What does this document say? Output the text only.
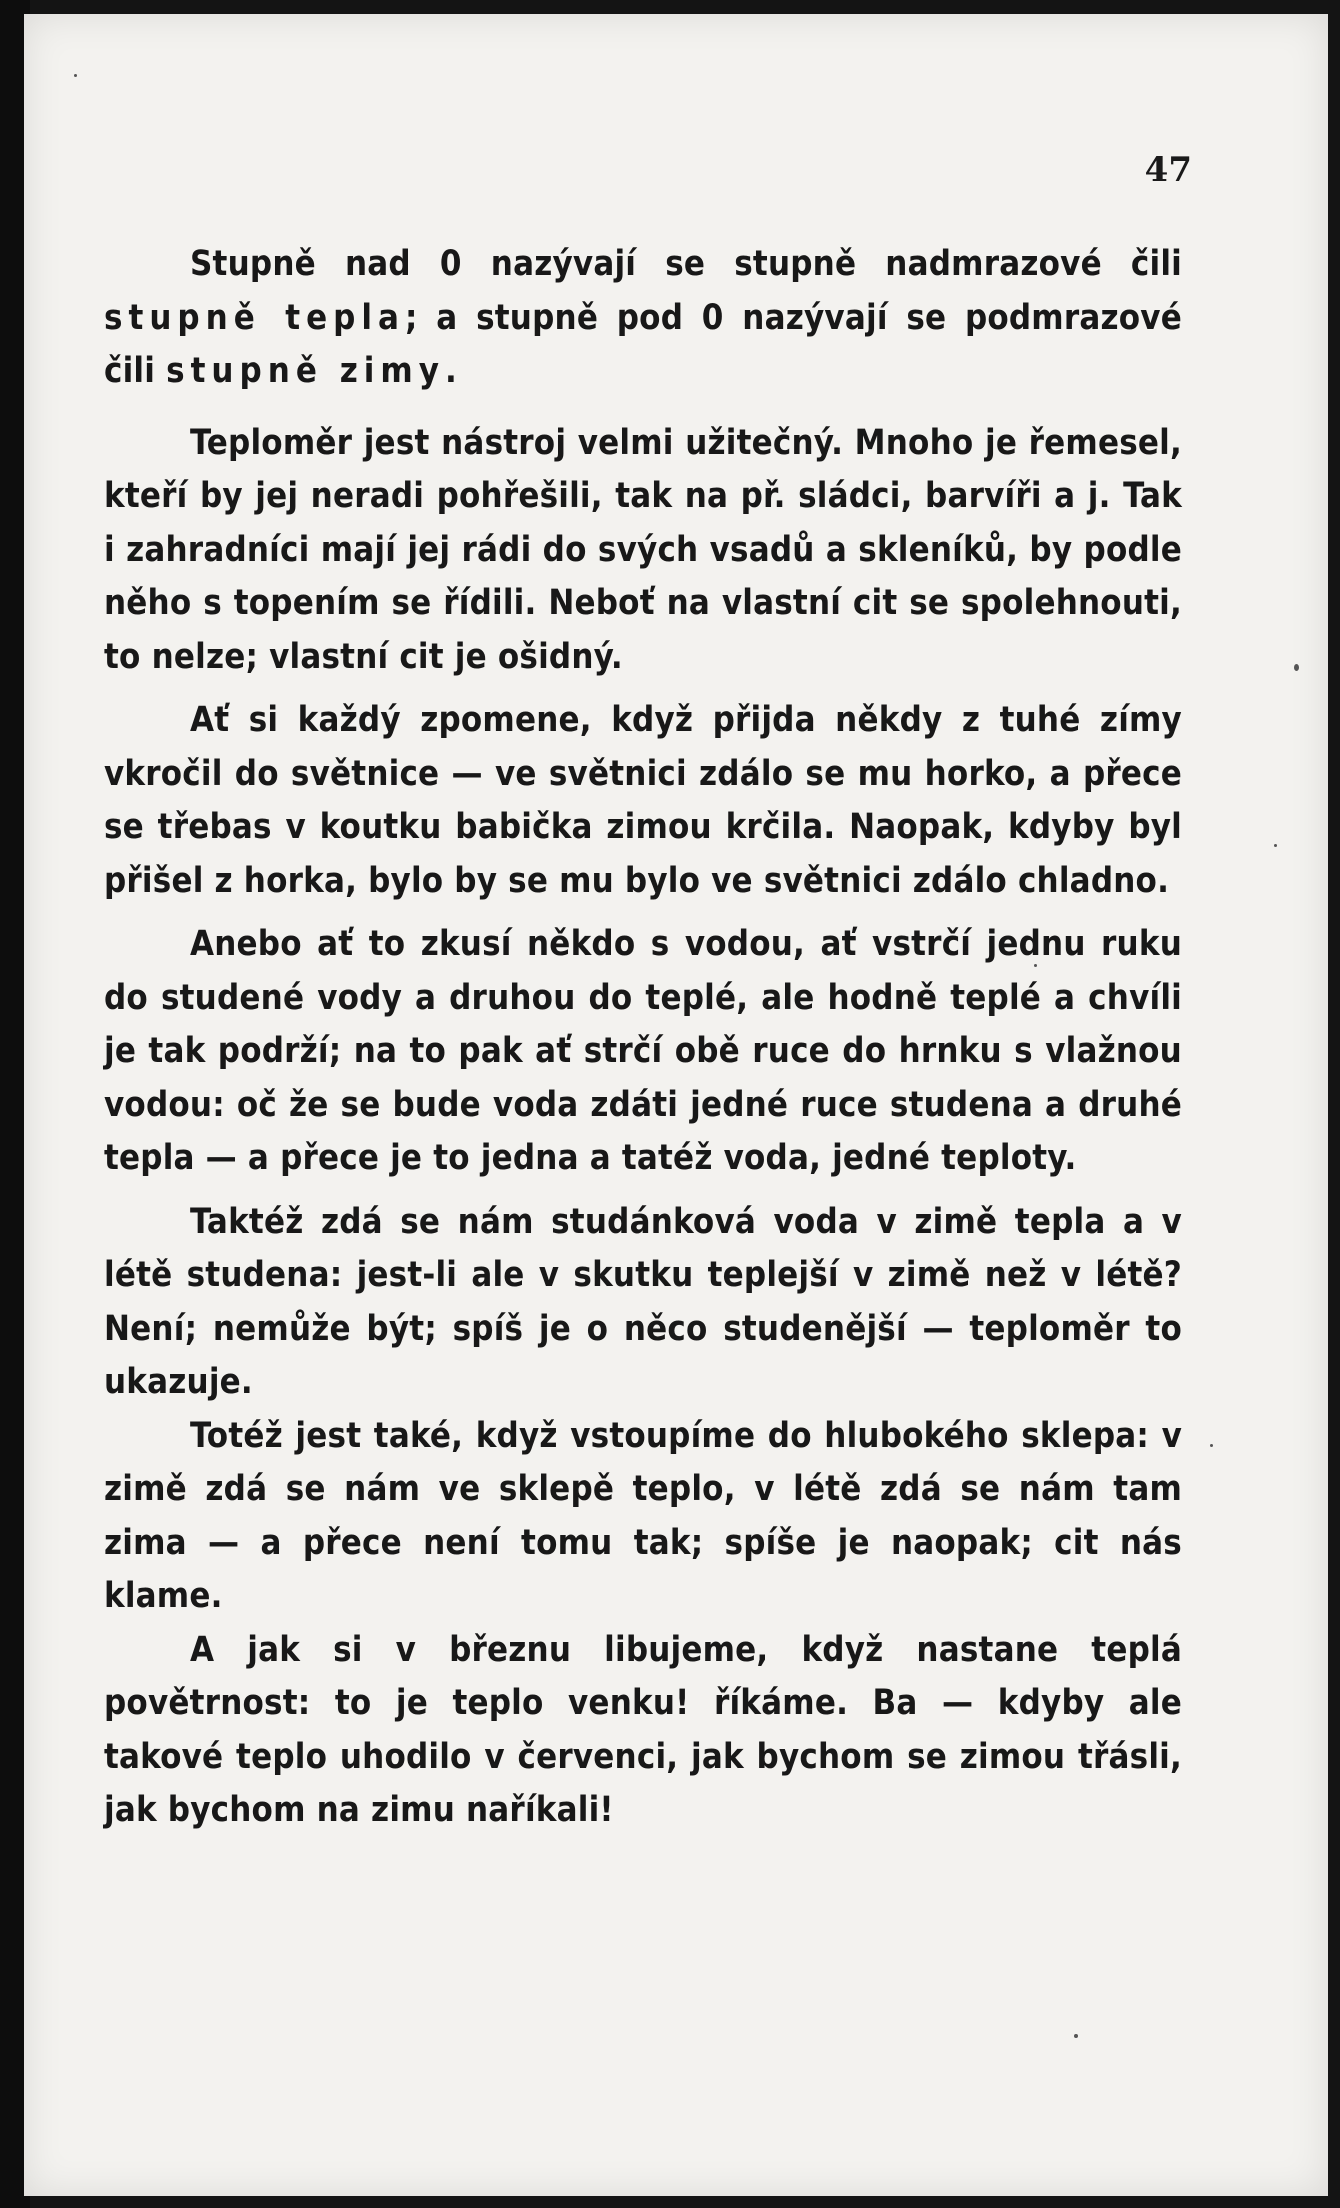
47

Stupně nad 0 nazývají se stupně nadmrazové čili stupně tepla; a stupně pod 0 nazývají se podmrazové čili stupně zimy.

Teploměr jest nástroj velmi užitečný. Mnoho je řemesel, kteří by jej neradi pohřešili, tak na př. sládci, barvíři a j. Tak i zahradníci mají jej rádi do svých vsadů a skleníků, by podle něho s topením se řídili. Neboť na vlastní cit se spolehnouti, to nelze; vlastní cit je ošidný.

Ať si každý zpomene, když přijda někdy z tuhé zímy vkročil do světnice — ve světnici zdálo se mu horko, a přece se třebas v koutku babička zimou krčila. Naopak, kdyby byl přišel z horka, bylo by se mu bylo ve světnici zdálo chladno.

Anebo ať to zkusí někdo s vodou, ať vstrčí jednu ruku do studené vody a druhou do teplé, ale hodně teplé a chvíli je tak podrží; na to pak ať strčí obě ruce do hrnku s vlažnou vodou: oč že se bude voda zdáti jedné ruce studena a druhé tepla — a přece je to jedna a tatéž voda, jedné teploty.

Taktéž zdá se nám studánková voda v zimě tepla a v létě studena: jest-li ale v skutku teplejší v zimě než v létě? Není; nemůže být; spíš je o něco studenější — teploměr to ukazuje.

Totéž jest také, když vstoupíme do hlubokého sklepa: v zimě zdá se nám ve sklepě teplo, v létě zdá se nám tam zima — a přece není tomu tak; spíše je naopak; cit nás klame.

A jak si v březnu libujeme, když nastane teplá povětrnost: to je teplo venku! říkáme. Ba — kdyby ale takové teplo uhodilo v červenci, jak bychom se zimou třásli, jak bychom na zimu naříkali!
